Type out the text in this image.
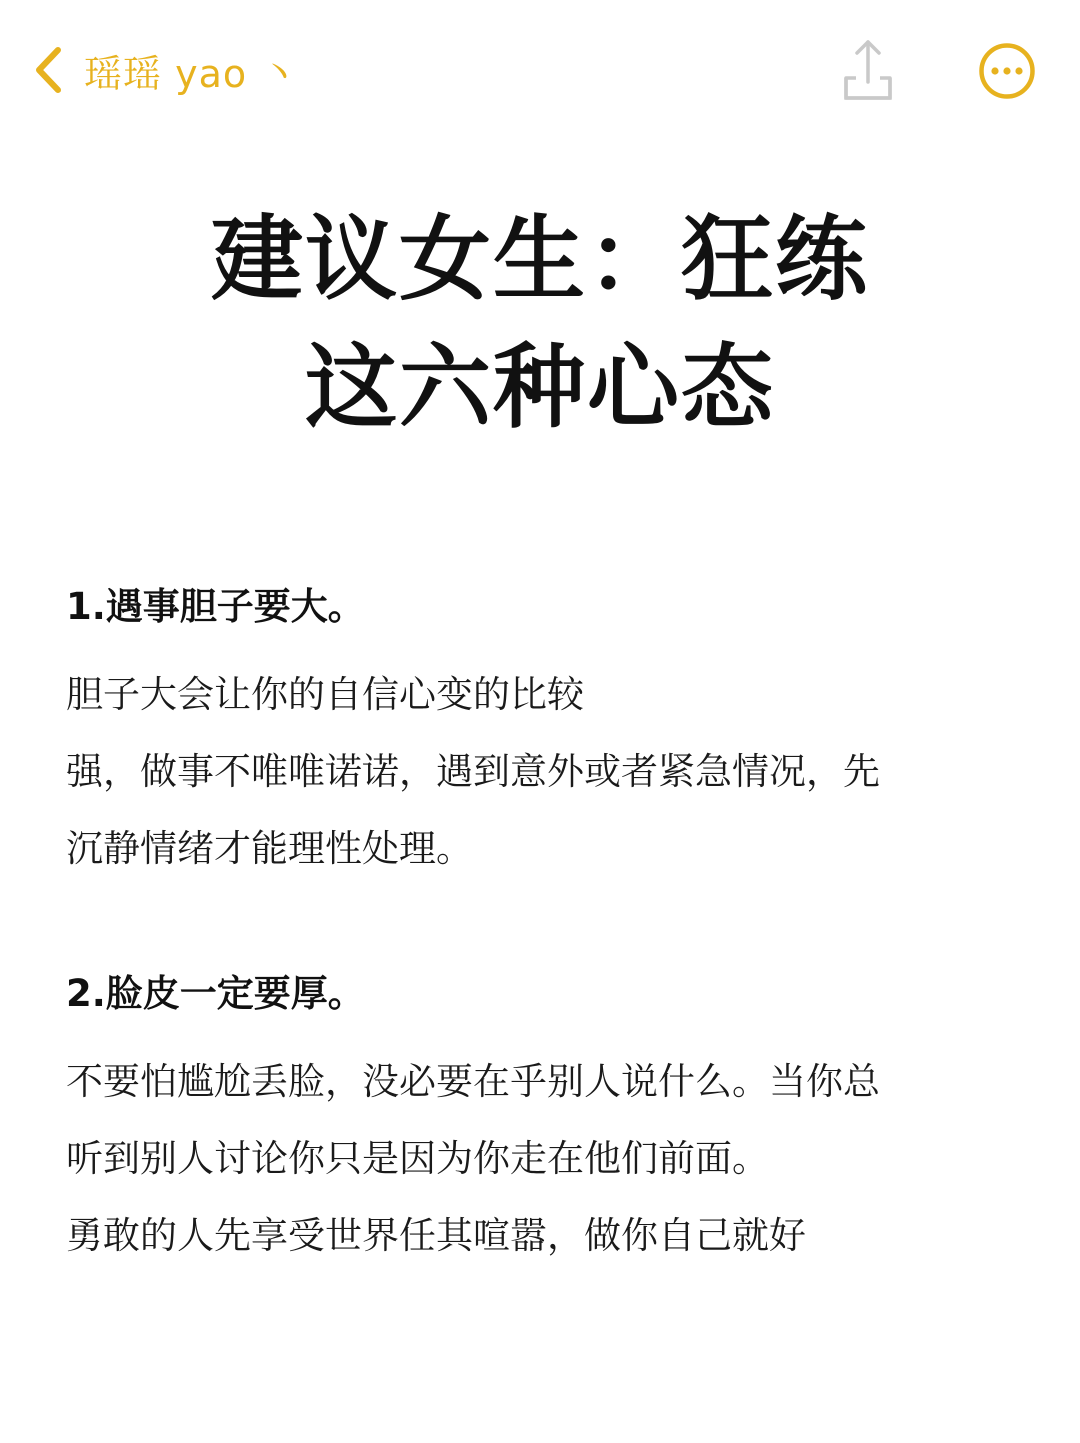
瑶瑶 yao 丶
建议女生：狂练
这六种心态
1.遇事胆子要大。
胆子大会让你的自信心变的比较
强，做事不唯唯诺诺，遇到意外或者紧急情况，先
沉静情绪才能理性处理。
2.脸皮一定要厚。
不要怕尴尬丢脸，没必要在乎别人说什么。当你总
听到别人讨论你只是因为你走在他们前面。
勇敢的人先享受世界任其喧嚣，做你自己就好
